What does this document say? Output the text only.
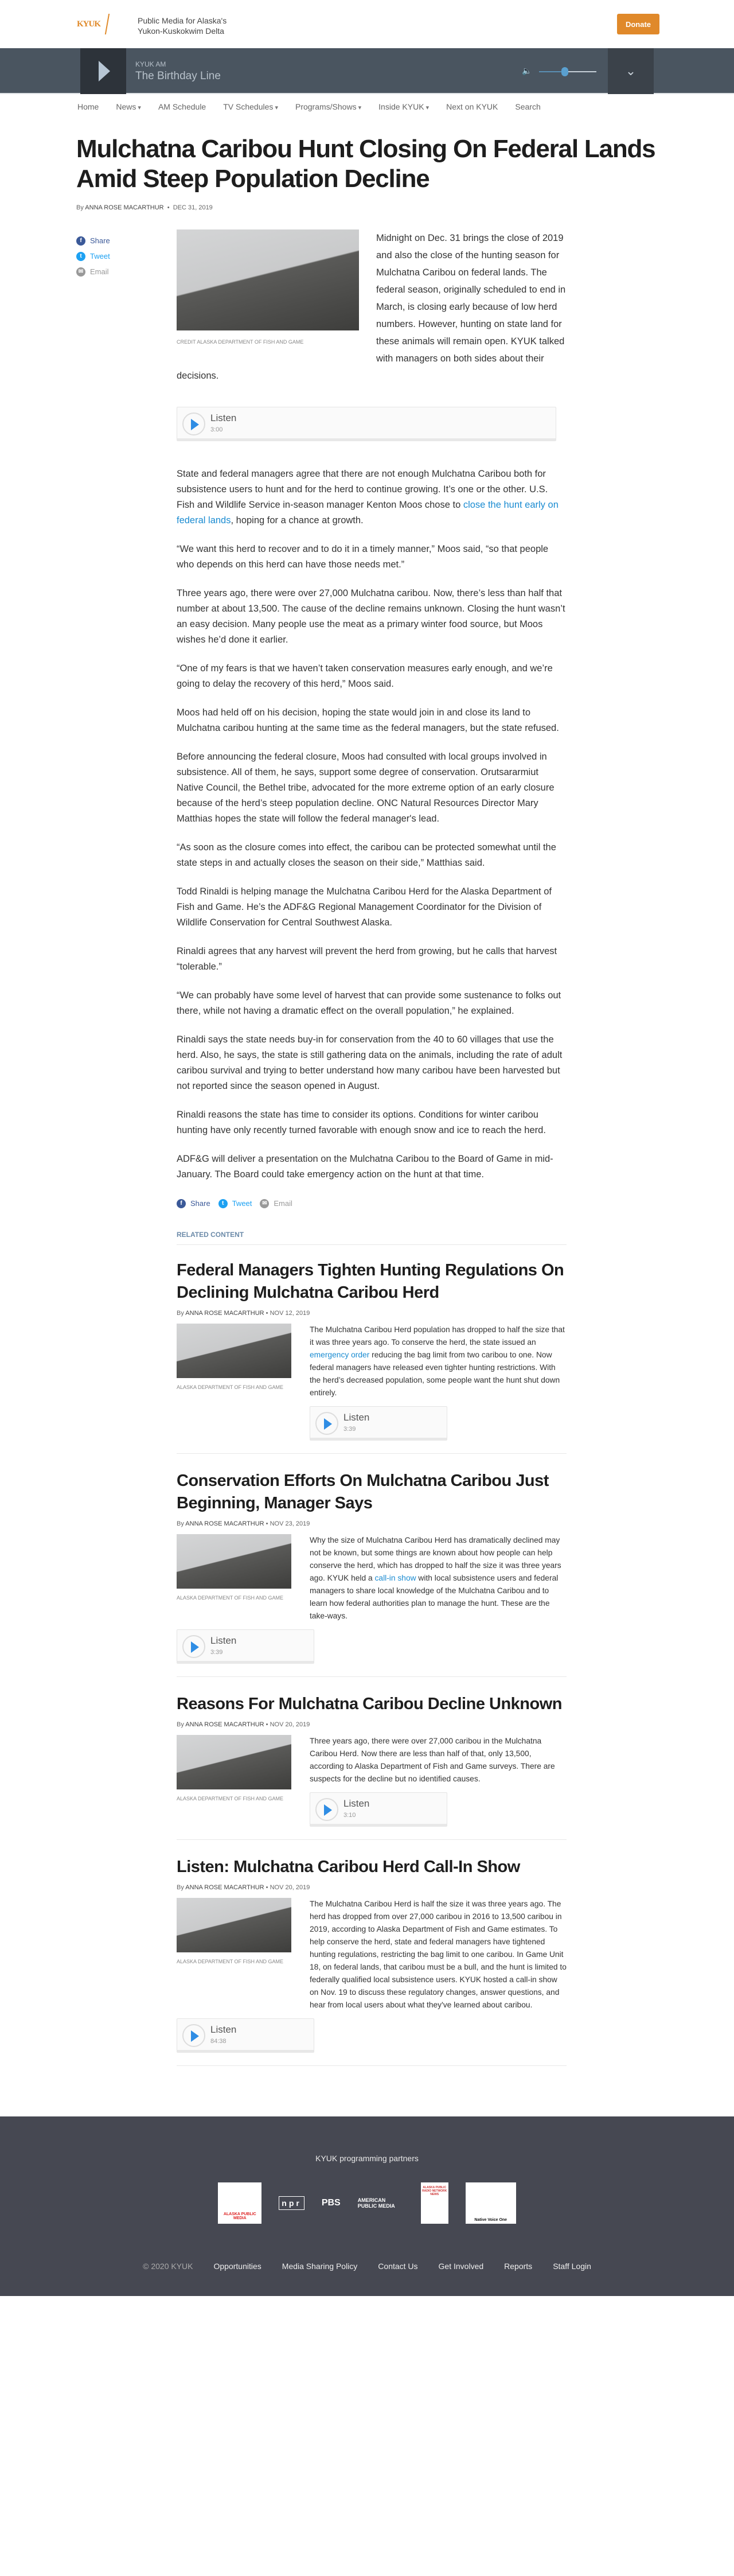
KYUK	Public Media for Alaska's
Yukon-Kuskokwim Delta
Donate
KYUK AM
The Birthday Line	🔈	⌄
Home News ▾	AM Schedule TV Schedules ▾	Programs/Shows ▾	Inside KYUK ▾	Next on KYUK Search
Mulchatna Caribou Hunt Closing On Federal Lands Amid Steep Population Decline
By ANNA ROSE MACARTHUR  •  DEC 31, 2019
f	Share
t	Tweet
✉ Email
CREDIT ALASKA DEPARTMENT OF FISH AND GAME

Midnight on Dec. 31 brings the close of 2019 and also the close of the hunting season for Mulchatna Caribou on federal lands. The federal season, originally scheduled to end in March, is closing early because of low herd numbers. However, hunting on state land for these animals will remain open. KYUK talked with managers on both sides about their decisions.

Listen
3:00

State and federal managers agree that there are not enough Mulchatna Caribou both for subsistence users to hunt and for the herd to continue growing. It’s one or the other. U.S. Fish and Wildlife Service in-season manager Kenton Moos chose to close the hunt early on federal lands, hoping for a chance at growth.

“We want this herd to recover and to do it in a timely manner,” Moos said, “so that people who depends on this herd can have those needs met.”

Three years ago, there were over 27,000 Mulchatna caribou. Now, there’s less than half that number at about 13,500. The cause of the decline remains unknown. Closing the hunt wasn’t an easy decision. Many people use the meat as a primary winter food source, but Moos wishes he’d done it earlier.

“One of my fears is that we haven’t taken conservation measures early enough, and we’re going to delay the recovery of this herd,” Moos said.

Moos had held off on his decision, hoping the state would join in and close its land to Mulchatna caribou hunting at the same time as the federal managers, but the state refused.

Before announcing the federal closure, Moos had consulted with local groups involved in subsistence. All of them, he says, support some degree of conservation. Orutsararmiut Native Council, the Bethel tribe, advocated for the more extreme option of an early closure because of the herd’s steep population decline. ONC Natural Resources Director Mary Matthias hopes the state will follow the federal manager's lead.

“As soon as the closure comes into effect, the caribou can be protected somewhat until the state steps in and actually closes the season on their side,” Matthias said.

Todd Rinaldi is helping manage the Mulchatna Caribou Herd for the Alaska Department of Fish and Game. He’s the ADF&G Regional Management Coordinator for the Division of Wildlife Conservation for Central Southwest Alaska.

Rinaldi agrees that any harvest will prevent the herd from growing, but he calls that harvest “tolerable.”

“We can probably have some level of harvest that can provide some sustenance to folks out there, while not having a dramatic effect on the overall population,” he explained.

Rinaldi says the state needs buy-in for conservation from the 40 to 60 villages that use the herd. Also, he says, the state is still gathering data on the animals, including the rate of adult caribou survival and trying to better understand how many caribou have been harvested but not reported since the season opened in August.

Rinaldi reasons the state has time to consider its options. Conditions for winter caribou hunting have only recently turned favorable with enough snow and ice to reach the herd.

ADF&G will deliver a presentation on the Mulchatna Caribou to the Board of Game in mid-January. The Board could take emergency action on the hunt at that time.

f	Share	t	Tweet	✉ Email
RELATED CONTENT
Federal Managers Tighten Hunting Regulations On Declining Mulchatna Caribou Herd
By ANNA ROSE MACARTHUR • NOV 12, 2019
ALASKA DEPARTMENT OF FISH AND GAME
The Mulchatna Caribou Herd population has dropped to half the size that it was three years ago. To conserve the herd, the state issued an emergency order reducing the bag limit from two caribou to one. Now federal managers have released even tighter hunting restrictions. With the herd’s decreased population, some people want the hunt shut down entirely.
Listen
3:39
Conservation Efforts On Mulchatna Caribou Just Beginning, Manager Says
By ANNA ROSE MACARTHUR • NOV 23, 2019
ALASKA DEPARTMENT OF FISH AND GAME
Why the size of Mulchatna Caribou Herd has dramatically declined may not be known, but some things are known about how people can help conserve the herd, which has dropped to half the size it was three years ago. KYUK held a call-in show with local subsistence users and federal managers to share local knowledge of the Mulchatna Caribou and to learn how federal authorities plan to manage the hunt. These are the take-ways.
Listen
3:39
Reasons For Mulchatna Caribou Decline Unknown
By ANNA ROSE MACARTHUR • NOV 20, 2019
ALASKA DEPARTMENT OF FISH AND GAME
Three years ago, there were over 27,000 caribou in the Mulchatna Caribou Herd. Now there are less than half of that, only 13,500, according to Alaska Department of Fish and Game surveys. There are suspects for the decline but no identified causes.
Listen
3:10
Listen: Mulchatna Caribou Herd Call-In Show
By ANNA ROSE MACARTHUR • NOV 20, 2019
ALASKA DEPARTMENT OF FISH AND GAME
The Mulchatna Caribou Herd is half the size it was three years ago. The herd has dropped from over 27,000 caribou in 2016 to 13,500 caribou in 2019, according to Alaska Department of Fish and Game estimates. To help conserve the herd, state and federal managers have tightened hunting regulations, restricting the bag limit to one caribou. In Game Unit 18, on federal lands, that caribou must be a bull, and the hunt is limited to federally qualified local subsistence users. KYUK hosted a call-in show on Nov. 19 to discuss these regulatory changes, answer questions, and hear from local users about what they've learned about caribou.
Listen
84:38
KYUK programming partners
ALASKA PUBLIC MEDIA
npr	PBS	AMERICAN PUBLIC MEDIA
ALASKA PUBLIC RADIO NETWORK NEWS
Native Voice One
© 2020 KYUK	Opportunities	Media Sharing Policy	Contact Us	Get Involved	Reports	Staff Login
